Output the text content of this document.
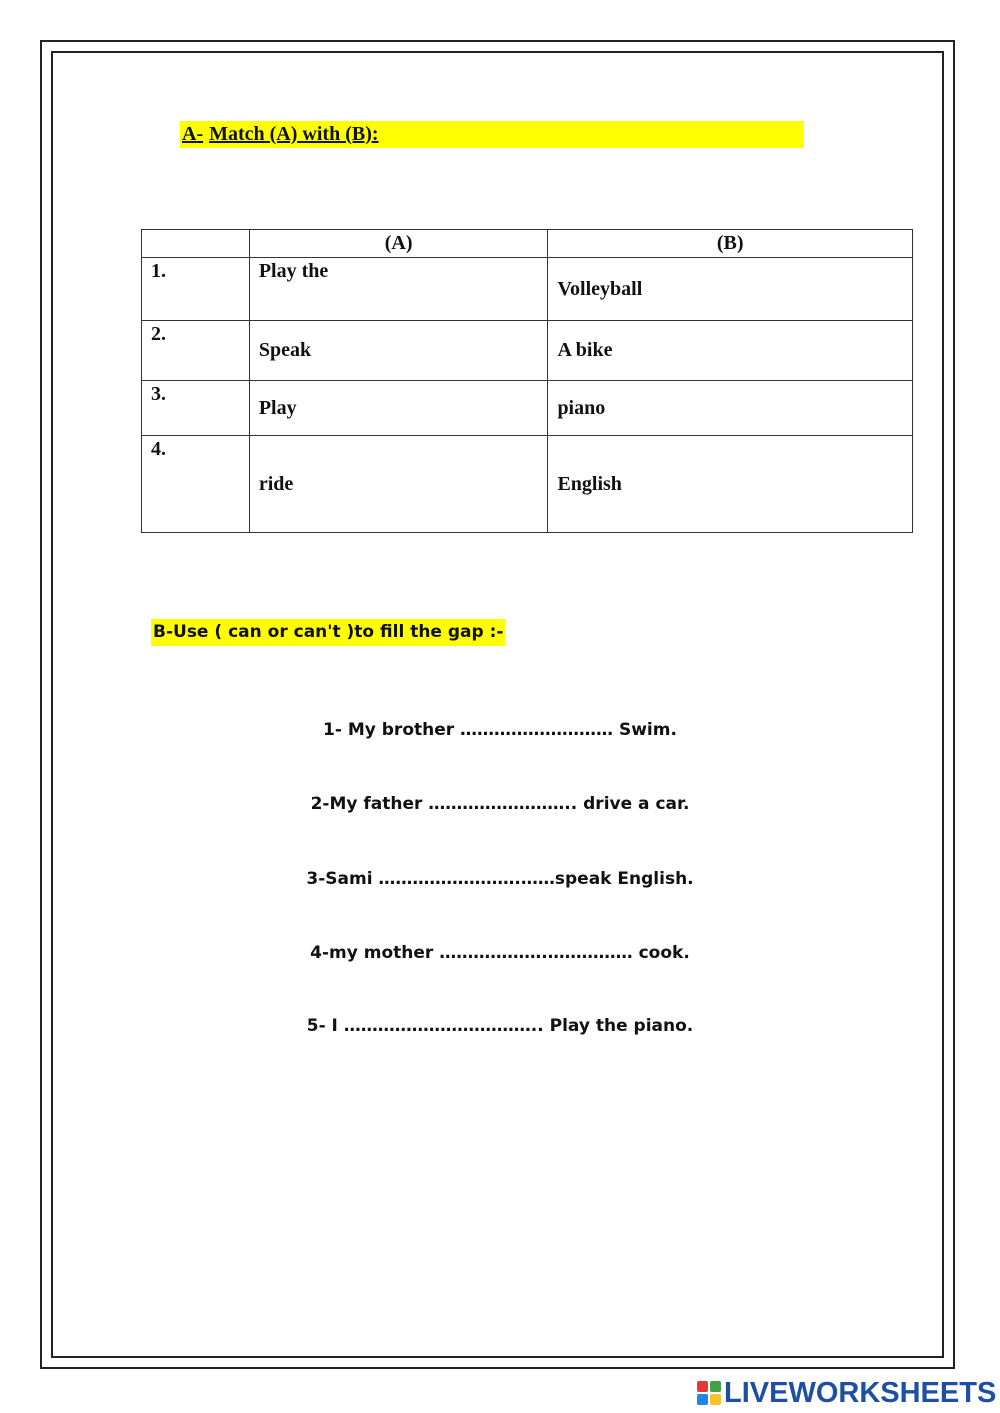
A- Match (A) with (B):
	(A)	(B)
1.	Play the	Volleyball
2.	Speak	A bike
3.	Play	piano
4.	ride	English
B-Use ( can or can't )to fill the gap :-
1- My brother ……………………… Swim.
2-My father …………………….. drive a car.
3-Sami …………………….……speak English.
4-my mother ……………….…………… cook.
5- I …………………………….. Play the piano.
LIVEWORKSHEETS
